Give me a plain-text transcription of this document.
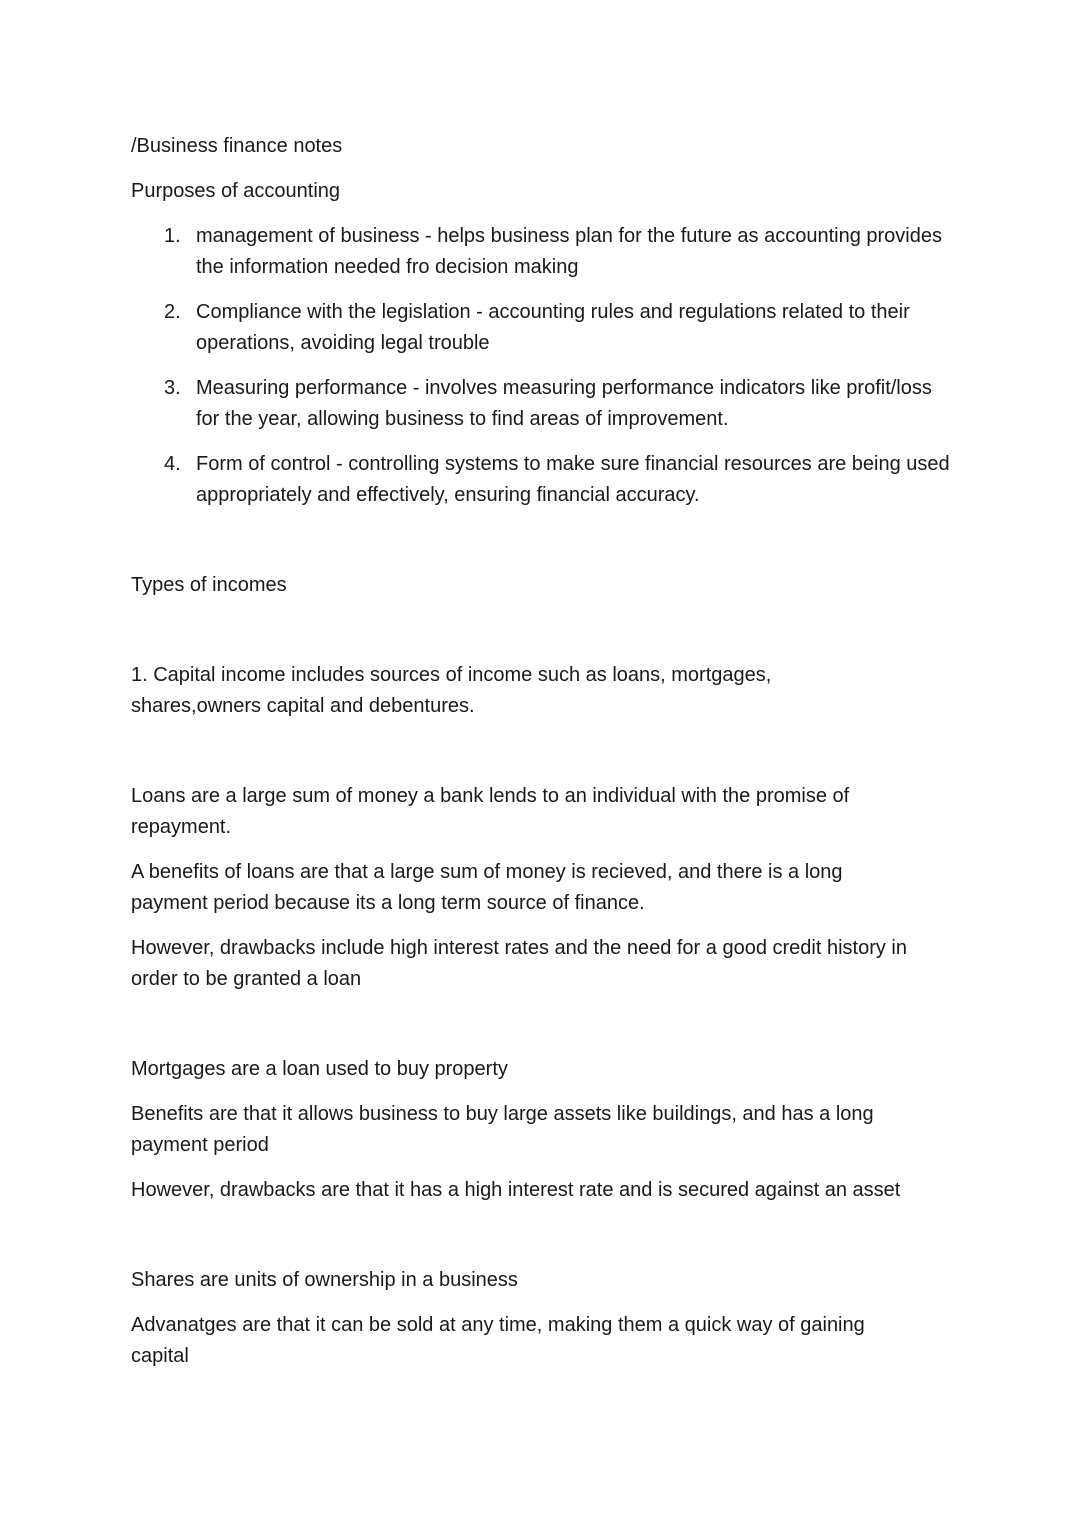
/Business finance notes

Purposes of accounting

1. management of business - helps business plan for the future as accounting provides the information needed fro decision making
2. Compliance with the legislation - accounting rules and regulations related to their operations, avoiding legal trouble
3. Measuring performance - involves measuring performance indicators like profit/loss for the year, allowing business to find areas of improvement.
4. Form of control - controlling systems to make sure financial resources are being used appropriately and effectively, ensuring financial accuracy.

Types of incomes

1. Capital income includes sources of income such as loans, mortgages, shares,owners capital and debentures.

Loans are a large sum of money a bank lends to an individual with the promise of repayment.

A benefits of loans are that a large sum of money is recieved, and there is a long payment period because its a long term source of finance.

However, drawbacks include high interest rates and the need for a good credit history in order to be granted a loan

Mortgages are a loan used to buy property

Benefits are that it allows business to buy large assets like buildings, and has a long payment period

However, drawbacks are that it has a high interest rate and is secured against an asset

Shares are units of ownership in a business

Advanatges are that it can be sold at any time, making them a quick way of gaining capital
